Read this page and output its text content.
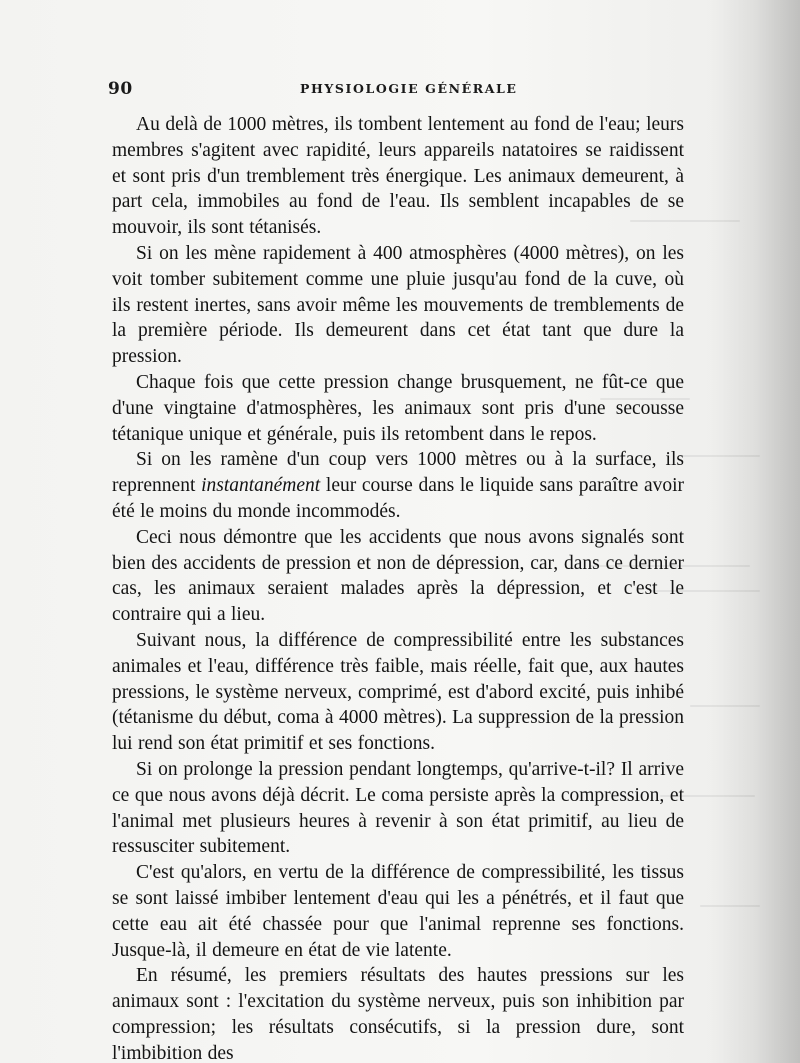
90	PHYSIOLOGIE GÉNÉRALE

Au delà de 1000 mètres, ils tombent lentement au fond de l'eau; leurs membres s'agitent avec rapidité, leurs appareils natatoires se raidissent et sont pris d'un tremblement très énergique. Les animaux demeurent, à part cela, immobiles au fond de l'eau. Ils semblent incapables de se mouvoir, ils sont tétanisés.

Si on les mène rapidement à 400 atmosphères (4000 mètres), on les voit tomber subitement comme une pluie jusqu'au fond de la cuve, où ils restent inertes, sans avoir même les mouvements de tremblements de la première période. Ils demeurent dans cet état tant que dure la pression.

Chaque fois que cette pression change brusquement, ne fût-ce que d'une vingtaine d'atmosphères, les animaux sont pris d'une secousse tétanique unique et générale, puis ils retombent dans le repos.

Si on les ramène d'un coup vers 1000 mètres ou à la surface, ils reprennent instantanément leur course dans le liquide sans paraître avoir été le moins du monde incommodés.

Ceci nous démontre que les accidents que nous avons signalés sont bien des accidents de pression et non de dépression, car, dans ce dernier cas, les animaux seraient malades après la dépression, et c'est le contraire qui a lieu.

Suivant nous, la différence de compressibilité entre les substances animales et l'eau, différence très faible, mais réelle, fait que, aux hautes pressions, le système nerveux, comprimé, est d'abord excité, puis inhibé (tétanisme du début, coma à 4000 mètres). La suppression de la pression lui rend son état primitif et ses fonctions.

Si on prolonge la pression pendant longtemps, qu'arrive-t-il? Il arrive ce que nous avons déjà décrit. Le coma persiste après la compression, et l'animal met plusieurs heures à revenir à son état primitif, au lieu de ressusciter subitement.

C'est qu'alors, en vertu de la différence de compressibilité, les tissus se sont laissé imbiber lentement d'eau qui les a pénétrés, et il faut que cette eau ait été chassée pour que l'animal reprenne ses fonctions. Jusque-là, il demeure en état de vie latente.

En résumé, les premiers résultats des hautes pressions sur les animaux sont : l'excitation du système nerveux, puis son inhibition par compression; les résultats consécutifs, si la pression dure, sont l'imbibition des
